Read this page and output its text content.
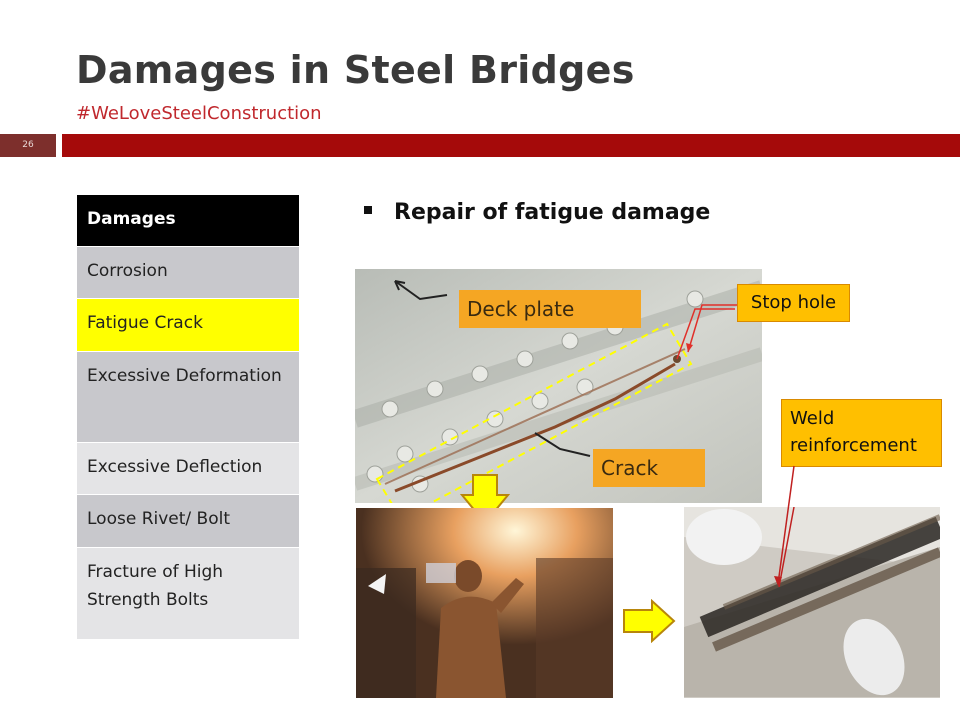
Damages in Steel Bridges
#WeLoveSteelConstruction
26
Damages
Corrosion
Fatigue Crack
Excessive Deformation
Excessive Deflection
Loose Rivet/ Bolt
Fracture of High Strength Bolts
Repair of fatigue damage
Deck plate
Crack
Stop hole
Weld reinforcement
